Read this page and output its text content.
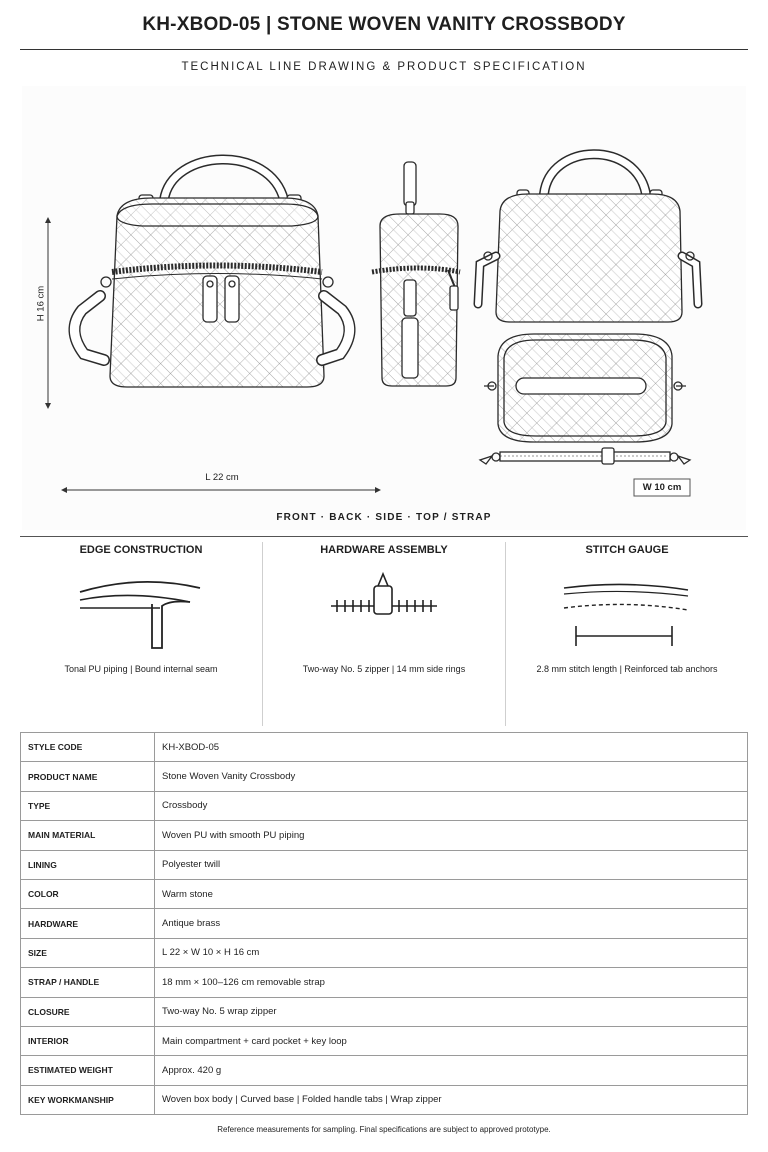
KH-XBOD-05 | STONE WOVEN VANITY CROSSBODY
TECHNICAL LINE DRAWING & PRODUCT SPECIFICATION
H 16 cm
L 22 cm
W 10 cm
FRONT · BACK · SIDE · TOP / STRAP
EDGE CONSTRUCTION
Tonal PU piping | Bound internal seam
HARDWARE ASSEMBLY
Two-way No. 5 zipper | 14 mm side rings
STITCH GAUGE
2.8 mm stitch length | Reinforced tab anchors
STYLE CODE	KH-XBOD-05
PRODUCT NAME	Stone Woven Vanity Crossbody
TYPE	Crossbody
MAIN MATERIAL	Woven PU with smooth PU piping
LINING	Polyester twill
COLOR	Warm stone
HARDWARE	Antique brass
SIZE	L 22 × W 10 × H 16 cm
STRAP / HANDLE	18 mm × 100–126 cm removable strap
CLOSURE	Two-way No. 5 wrap zipper
INTERIOR	Main compartment + card pocket + key loop
ESTIMATED WEIGHT	Approx. 420 g
KEY WORKMANSHIP	Woven box body | Curved base | Folded handle tabs | Wrap zipper
Reference measurements for sampling. Final specifications are subject to approved prototype.
